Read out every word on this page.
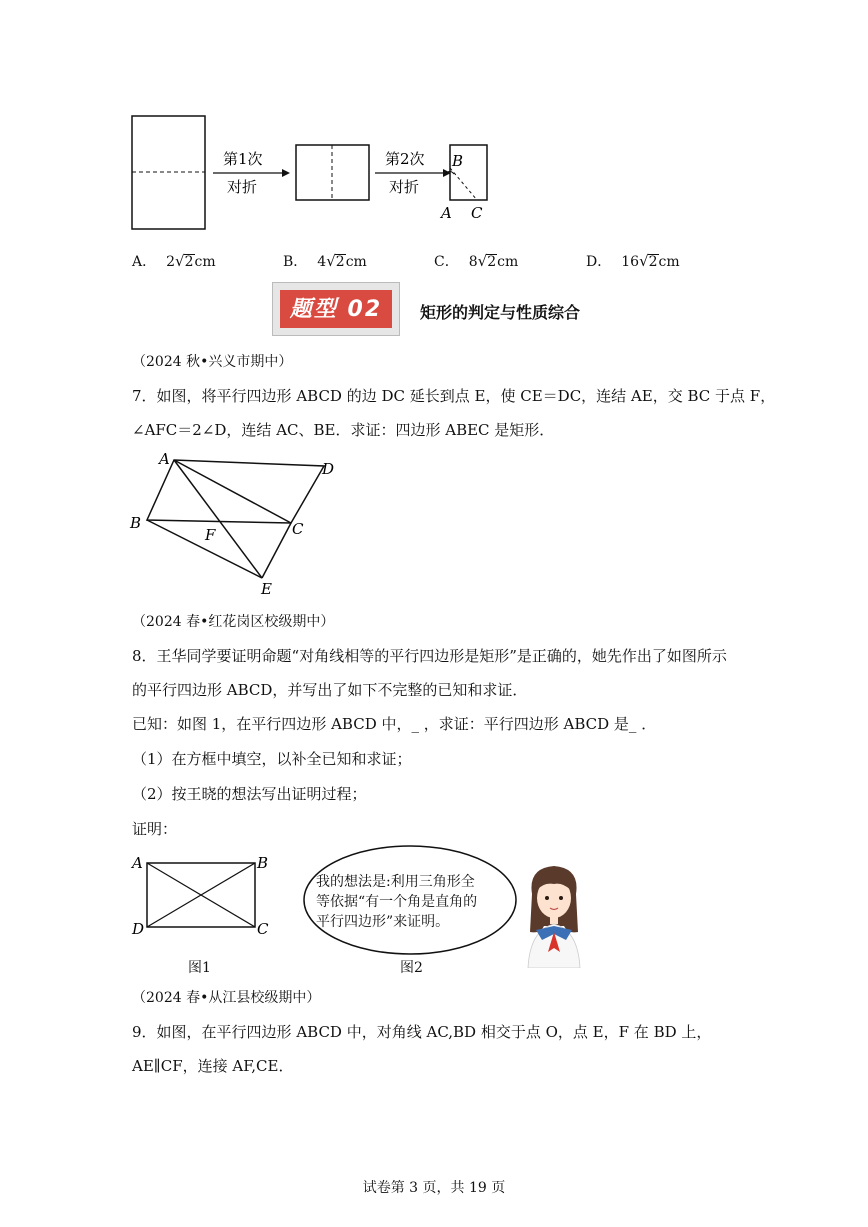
B
A C
第1次
对折
第2次
对折
A． 2√2cm	B． 4√2cm	C． 8√2cm	D． 16√2cm
题型 02	矩形的判定与性质综合
（2024 秋•兴义市期中）
7．如图，将平行四边形 ABCD 的边 DC 延长到点 E，使 CE＝DC，连结 AE，交 BC 于点 F，
∠AFC＝2∠D，连结 AC、BE．求证：四边形 ABEC 是矩形．
A
D
B	C
F
E
（2024 春•红花岗区校级期中）
8．王华同学要证明命题“对角线相等的平行四边形是矩形”是正确的，她先作出了如图所示
的平行四边形 ABCD，并写出了如下不完整的已知和求证．
已知：如图 1，在平行四边形 ABCD 中，_ ，求证：平行四边形 ABCD 是_ ．
（1）在方框中填空，以补全已知和求证；
（2）按王晓的想法写出证明过程；
证明：
A	B
D	C
图1
我的想法是:利用三角形全
等依据“有一个角是直角的
平行四边形”来证明。
图2
（2024 春•从江县校级期中）
9．如图，在平行四边形 ABCD 中，对角线 AC,BD 相交于点 O，点 E，F 在 BD 上，
AE∥CF，连接 AF,CE．
试卷第 3 页，共 19 页
